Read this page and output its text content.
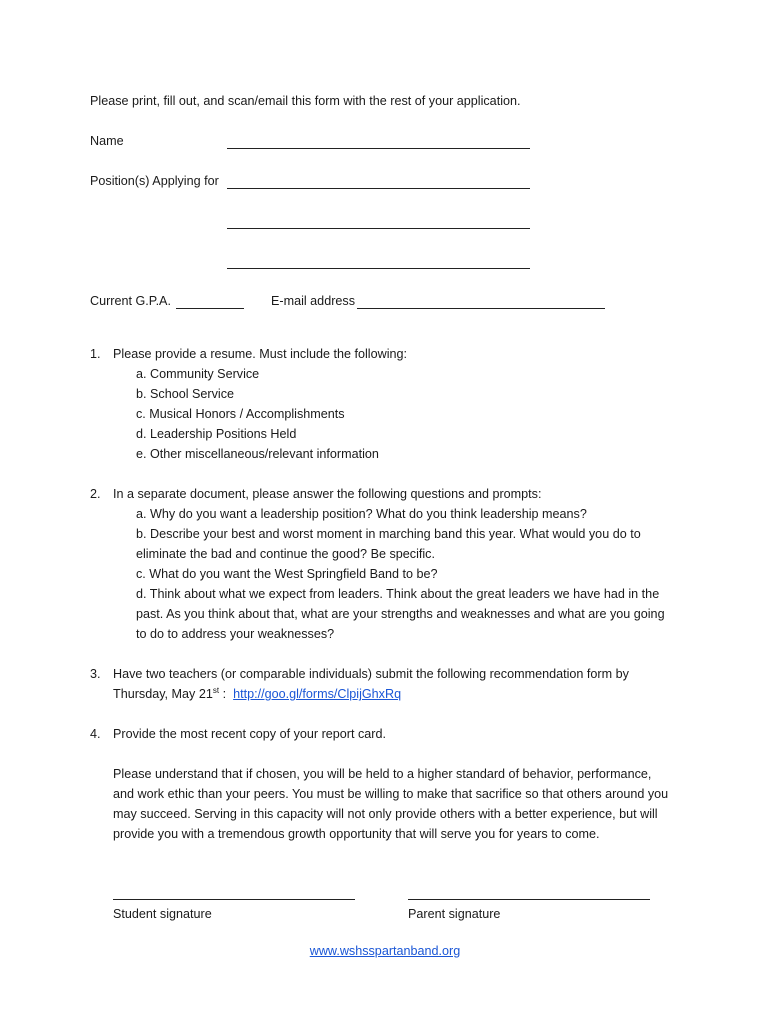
Please print, fill out, and scan/email this form with the rest of your application.
Name
Position(s) Applying for
Current G.P.A.	E-mail address
1. Please provide a resume. Must include the following:
a. Community Service
b. School Service
c. Musical Honors / Accomplishments
d. Leadership Positions Held
e. Other miscellaneous/relevant information
2. In a separate document, please answer the following questions and prompts:
a. Why do you want a leadership position? What do you think leadership means?
b. Describe your best and worst moment in marching band this year. What would you do to
eliminate the bad and continue the good? Be specific.
c. What do you want the West Springfield Band to be?
d. Think about what we expect from leaders. Think about the great leaders we have had in the
past. As you think about that, what are your strengths and weaknesses and what are you going
to do to address your weaknesses?
3. Have two teachers (or comparable individuals) submit the following recommendation form by
Thursday, May 21st :  http://goo.gl/forms/ClpijGhxRq
4. Provide the most recent copy of your report card.
Please understand that if chosen, you will be held to a higher standard of behavior, performance,
and work ethic than your peers. You must be willing to make that sacrifice so that others around you
may succeed. Serving in this capacity will not only provide others with a better experience, but will
provide you with a tremendous growth opportunity that will serve you for years to come.
Student signature	Parent signature
www.wshsspartanband.org
